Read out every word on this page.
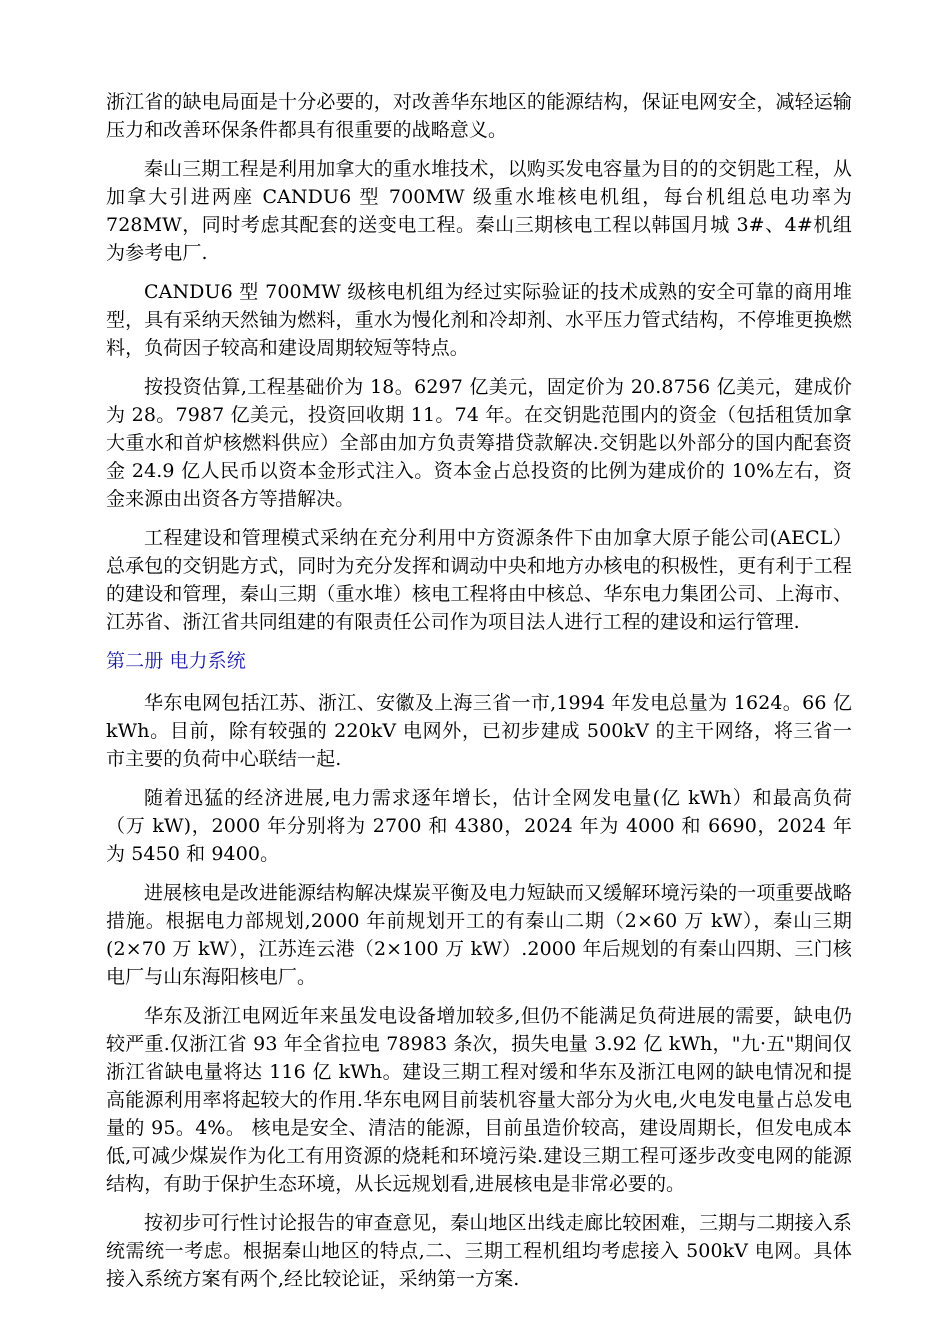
浙江省的缺电局面是十分必要的，对改善华东地区的能源结构，保证电网安全，减轻运输压力和改善环保条件都具有很重要的战略意义。

秦山三期工程是利用加拿大的重水堆技术，以购买发电容量为目的的交钥匙工程，从加拿大引进两座 CANDU6 型 700MW 级重水堆核电机组，每台机组总电功率为 728MW，同时考虑其配套的送变电工程。秦山三期核电工程以韩国月城 3#、4#机组为参考电厂.

CANDU6 型 700MW 级核电机组为经过实际验证的技术成熟的安全可靠的商用堆型，具有采纳天然铀为燃料，重水为慢化剂和冷却剂、水平压力管式结构，不停堆更换燃料，负荷因子较高和建设周期较短等特点。

按投资估算,工程基础价为 18。6297 亿美元，固定价为 20.8756 亿美元，建成价为 28。7987 亿美元，投资回收期 11。74 年。在交钥匙范围内的资金（包括租赁加拿大重水和首炉核燃料供应）全部由加方负责筹措贷款解决.交钥匙以外部分的国内配套资金 24.9 亿人民币以资本金形式注入。资本金占总投资的比例为建成价的 10%左右，资金来源由出资各方等措解决。

工程建设和管理模式采纳在充分利用中方资源条件下由加拿大原子能公司(AECL）总承包的交钥匙方式，同时为充分发挥和调动中央和地方办核电的积极性，更有利于工程的建设和管理，秦山三期（重水堆）核电工程将由中核总、华东电力集团公司、上海市、江苏省、浙江省共同组建的有限责任公司作为项目法人进行工程的建设和运行管理.

第二册 电力系统

华东电网包括江苏、浙江、安徽及上海三省一市,1994 年发电总量为 1624。66 亿 kWh。目前，除有较强的 220kV 电网外，已初步建成 500kV 的主干网络，将三省一市主要的负荷中心联结一起.

随着迅猛的经济进展,电力需求逐年增长，估计全网发电量(亿 kWh）和最高负荷（万 kW)，2000 年分别将为 2700 和 4380，2024 年为 4000 和 6690，2024 年为 5450 和 9400。

进展核电是改进能源结构解决煤炭平衡及电力短缺而又缓解环境污染的一项重要战略措施。根据电力部规划,2000 年前规划开工的有秦山二期（2×60 万 kW），秦山三期(2×70 万 kW），江苏连云港（2×100 万 kW）.2000 年后规划的有秦山四期、三门核电厂与山东海阳核电厂。

华东及浙江电网近年来虽发电设备增加较多,但仍不能满足负荷进展的需要，缺电仍较严重.仅浙江省 93 年全省拉电 78983 条次，损失电量 3.92 亿 kWh，"九·五"期间仅浙江省缺电量将达 116 亿 kWh。建设三期工程对缓和华东及浙江电网的缺电情况和提高能源利用率将起较大的作用.华东电网目前装机容量大部分为火电,火电发电量占总发电量的 95。4%。 核电是安全、清洁的能源，目前虽造价较高，建设周期长，但发电成本低,可减少煤炭作为化工有用资源的烧耗和环境污染.建设三期工程可逐步改变电网的能源结构，有助于保护生态环境，从长远规划看,进展核电是非常必要的。

按初步可行性讨论报告的审查意见，秦山地区出线走廊比较困难，三期与二期接入系统需统一考虑。根据秦山地区的特点,二、三期工程机组均考虑接入 500kV 电网。具体接入系统方案有两个,经比较论证，采纳第一方案.
